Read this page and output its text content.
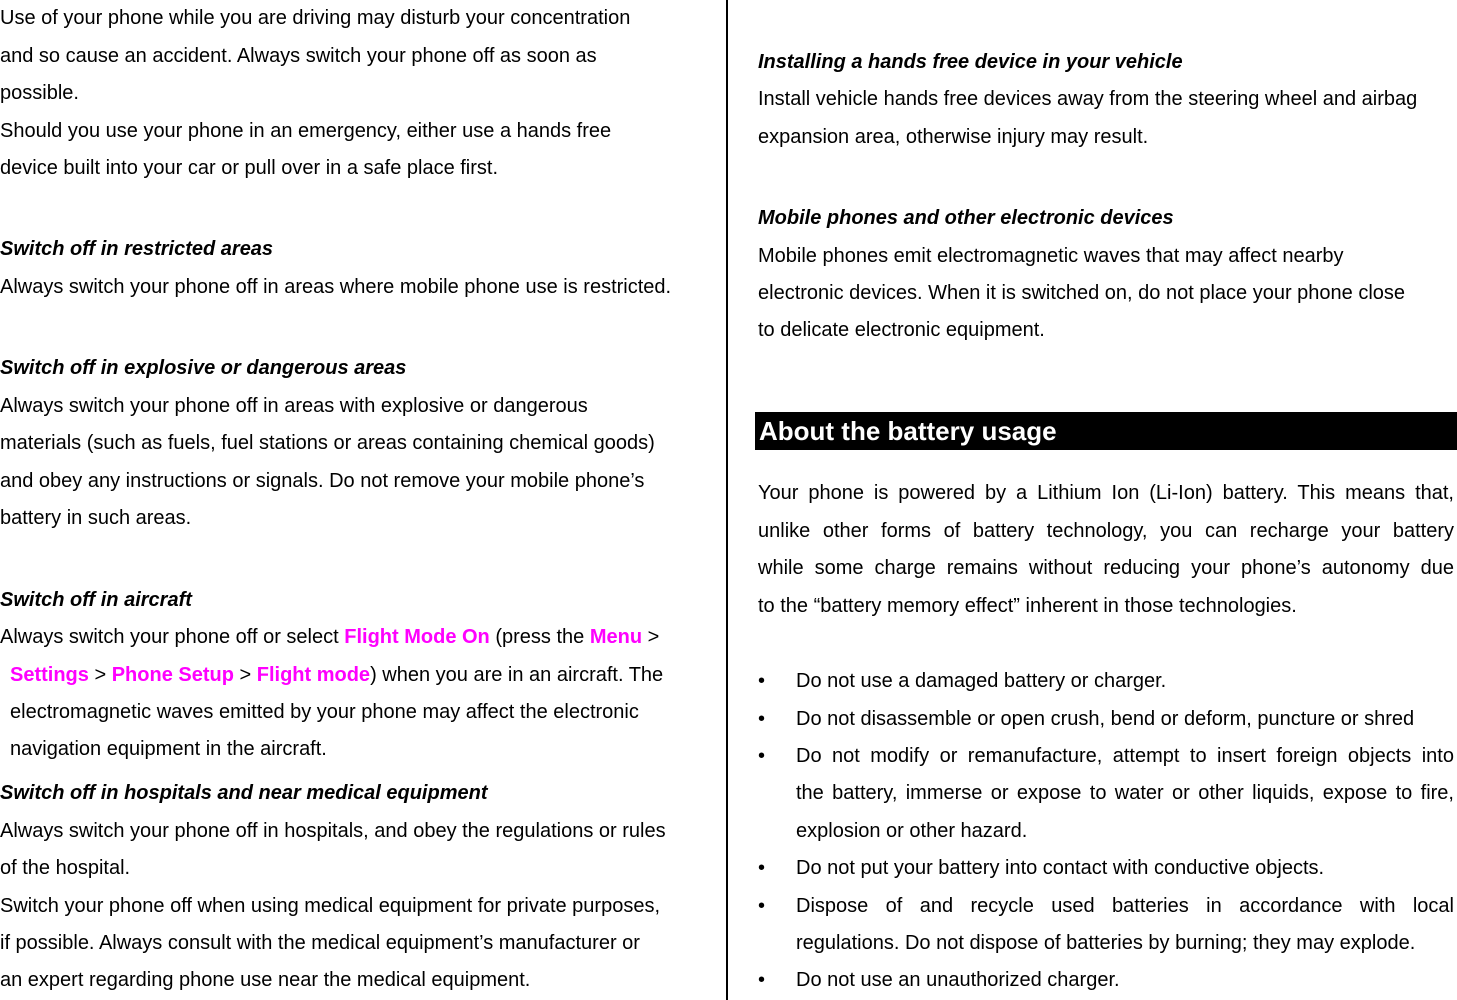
Use of your phone while you are driving may disturb your concentration
and so cause an accident. Always switch your phone off as soon as
possible.
Should you use your phone in an emergency, either use a hands free
device built into your car or pull over in a safe place first.
Switch off in restricted areas
Always switch your phone off in areas where mobile phone use is restricted.
Switch off in explosive or dangerous areas
Always switch your phone off in areas with explosive or dangerous
materials (such as fuels, fuel stations or areas containing chemical goods)
and obey any instructions or signals. Do not remove your mobile phone’s
battery in such areas.
Switch off in aircraft
Always switch your phone off or select Flight Mode On (press the Menu >
Settings > Phone Setup > Flight mode) when you are in an aircraft. The
electromagnetic waves emitted by your phone may affect the electronic
navigation equipment in the aircraft.
Switch off in hospitals and near medical equipment
Always switch your phone off in hospitals, and obey the regulations or rules
of the hospital.
Switch your phone off when using medical equipment for private purposes,
if possible. Always consult with the medical equipment’s manufacturer or
an expert regarding phone use near the medical equipment.
Installing a hands free device in your vehicle
Install vehicle hands free devices away from the steering wheel and airbag
expansion area, otherwise injury may result.
Mobile phones and other electronic devices
Mobile phones emit electromagnetic waves that may affect nearby
electronic devices. When it is switched on, do not place your phone close
to delicate electronic equipment.
About the battery usage
Your phone is powered by a Lithium Ion (Li-Ion) battery. This means that,
unlike other forms of battery technology, you can recharge your battery
while some charge remains without reducing your phone’s autonomy due
to the “battery memory effect” inherent in those technologies.
• Do not use a damaged battery or charger.
• Do not disassemble or open crush, bend or deform, puncture or shred
• Do not modify or remanufacture, attempt to insert foreign objects into
the battery, immerse or expose to water or other liquids, expose to fire,
explosion or other hazard.
• Do not put your battery into contact with conductive objects.
• Dispose of and recycle used batteries in accordance with local
regulations. Do not dispose of batteries by burning; they may explode.
• Do not use an unauthorized charger.
